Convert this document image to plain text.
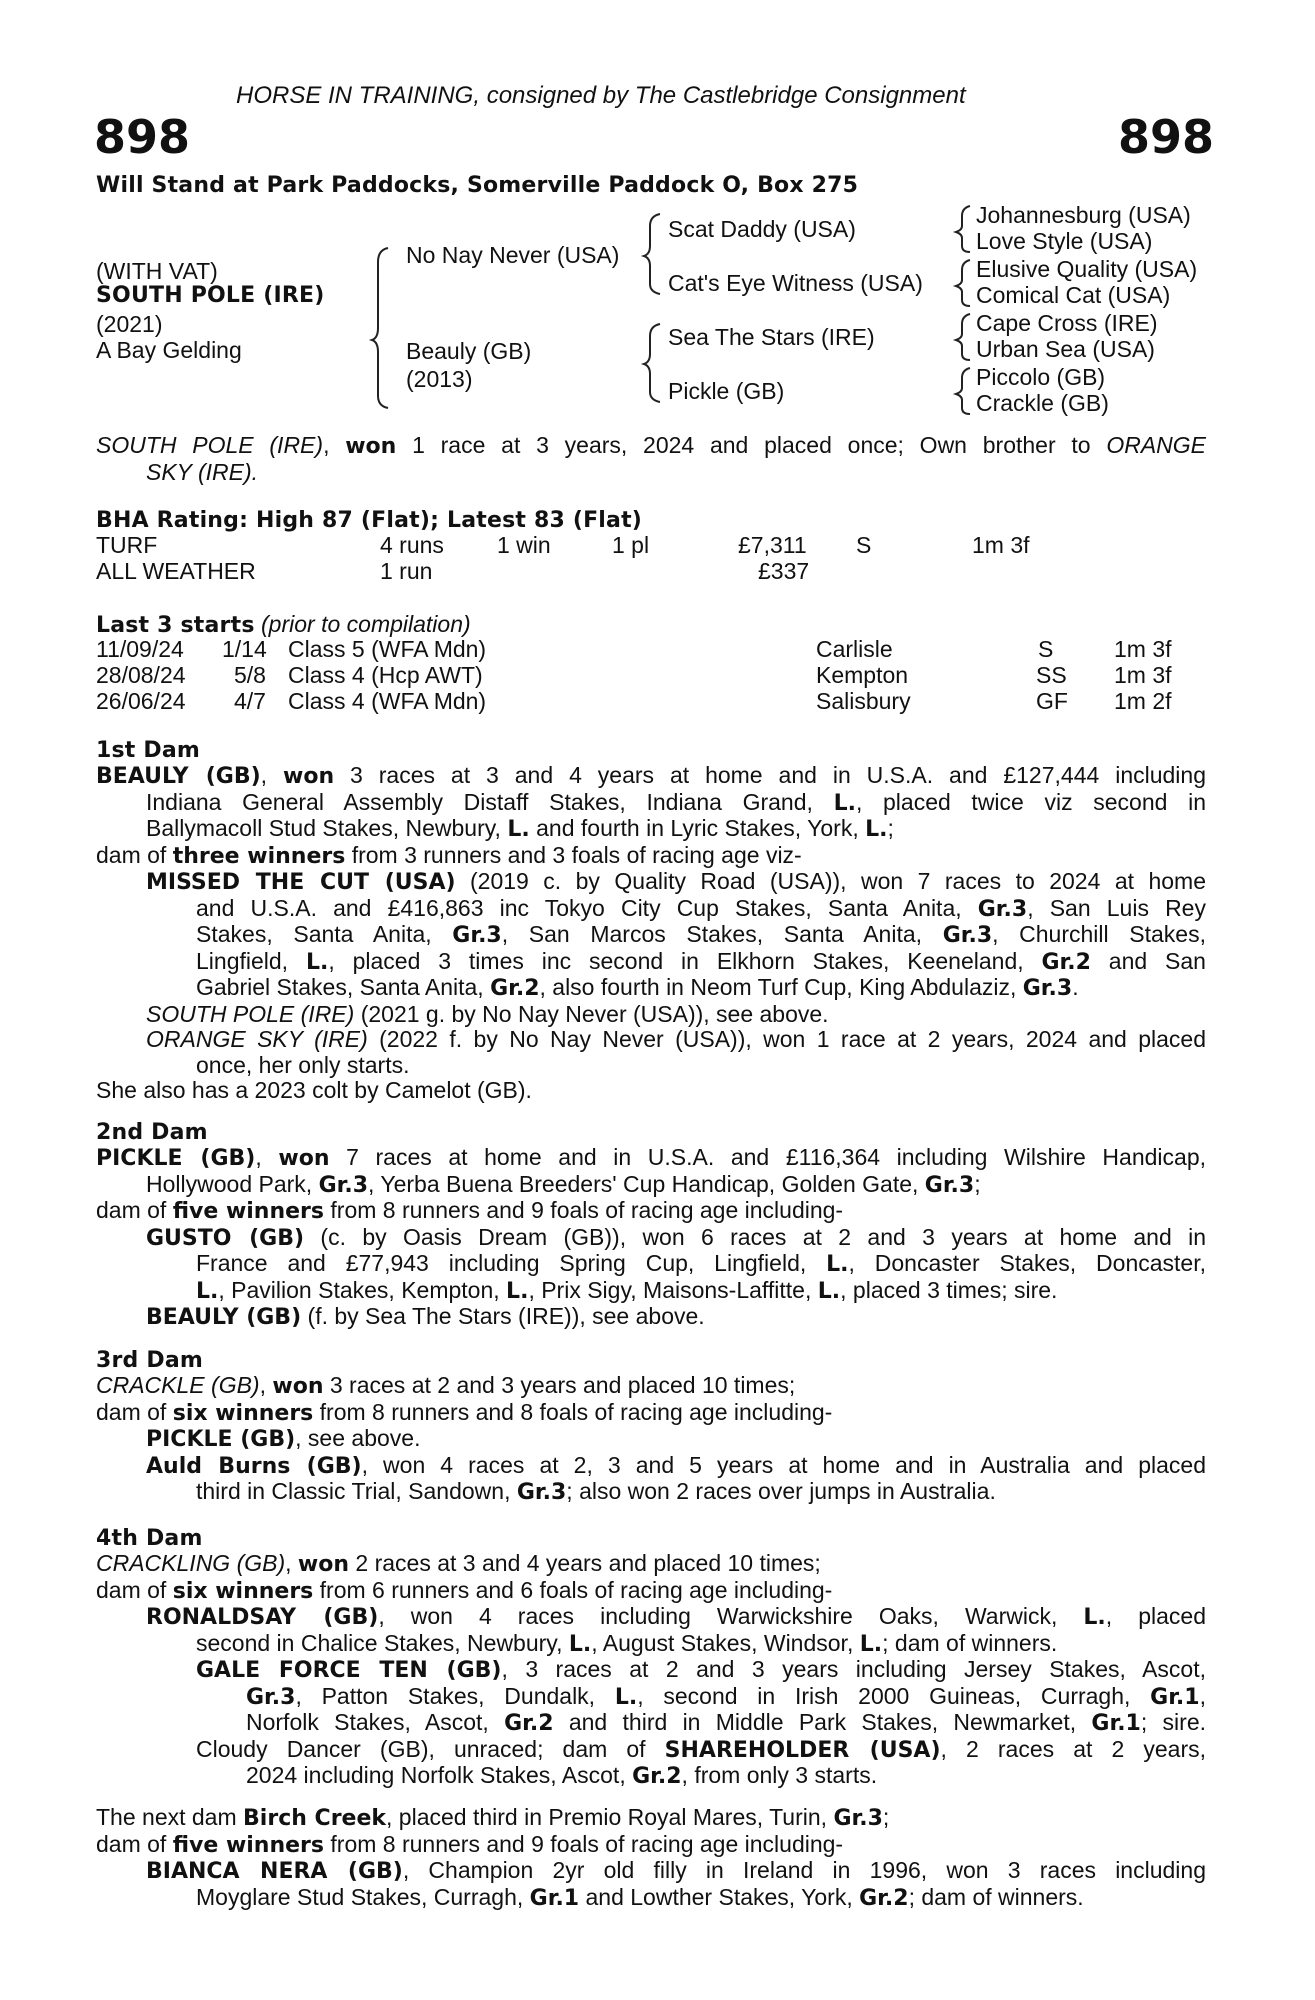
HORSE IN TRAINING, consigned by The Castlebridge Consignment
898	898
Will Stand at Park Paddocks, Somerville Paddock O, Box 275
(WITH VAT)
SOUTH POLE (IRE)
(2021)
A Bay Gelding
No Nay Never (USA)
Beauly (GB)
(2013)
Scat Daddy (USA)
Cat's Eye Witness (USA)
Sea The Stars (IRE)
Pickle (GB)
Johannesburg (USA)
Love Style (USA)
Elusive Quality (USA)
Comical Cat (USA)
Cape Cross (IRE)
Urban Sea (USA)
Piccolo (GB)
Crackle (GB)
SOUTH POLE (IRE), won 1 race at 3 years, 2024 and placed once; Own brother to ORANGE
SKY (IRE).
BHA Rating: High 87 (Flat); Latest 83 (Flat)
TURF	4 runs 1 win	1 pl	£7,311 S	1m 3f
ALL WEATHER	1 run	£337
Last 3 starts (prior to compilation)
11/09/24 1/14 Class 5 (WFA Mdn)	Carlisle	S	1m 3f
28/08/24 5/8 Class 4 (Hcp AWT)	Kempton	SS 1m 3f
26/06/24 4/7 Class 4 (WFA Mdn)	Salisbury	GF 1m 2f
1st Dam
BEAULY (GB), won 3 races at 3 and 4 years at home and in U.S.A. and £127,444 including
Indiana General Assembly Distaff Stakes, Indiana Grand, L., placed twice viz second in
Ballymacoll Stud Stakes, Newbury, L. and fourth in Lyric Stakes, York, L.;
dam of three winners from 3 runners and 3 foals of racing age viz-
MISSED THE CUT (USA) (2019 c. by Quality Road (USA)), won 7 races to 2024 at home
and U.S.A. and £416,863 inc Tokyo City Cup Stakes, Santa Anita, Gr.3, San Luis Rey
Stakes, Santa Anita, Gr.3, San Marcos Stakes, Santa Anita, Gr.3, Churchill Stakes,
Lingfield, L., placed 3 times inc second in Elkhorn Stakes, Keeneland, Gr.2 and San
Gabriel Stakes, Santa Anita, Gr.2, also fourth in Neom Turf Cup, King Abdulaziz, Gr.3.
SOUTH POLE (IRE) (2021 g. by No Nay Never (USA)), see above.
ORANGE SKY (IRE) (2022 f. by No Nay Never (USA)), won 1 race at 2 years, 2024 and placed
once, her only starts.
She also has a 2023 colt by Camelot (GB).
2nd Dam
PICKLE (GB), won 7 races at home and in U.S.A. and £116,364 including Wilshire Handicap,
Hollywood Park, Gr.3, Yerba Buena Breeders' Cup Handicap, Golden Gate, Gr.3;
dam of five winners from 8 runners and 9 foals of racing age including-
GUSTO (GB) (c. by Oasis Dream (GB)), won 6 races at 2 and 3 years at home and in
France and £77,943 including Spring Cup, Lingfield, L., Doncaster Stakes, Doncaster,
L., Pavilion Stakes, Kempton, L., Prix Sigy, Maisons-Laffitte, L., placed 3 times; sire.
BEAULY (GB) (f. by Sea The Stars (IRE)), see above.
3rd Dam
CRACKLE (GB), won 3 races at 2 and 3 years and placed 10 times;
dam of six winners from 8 runners and 8 foals of racing age including-
PICKLE (GB), see above.
Auld Burns (GB), won 4 races at 2, 3 and 5 years at home and in Australia and placed
third in Classic Trial, Sandown, Gr.3; also won 2 races over jumps in Australia.
4th Dam
CRACKLING (GB), won 2 races at 3 and 4 years and placed 10 times;
dam of six winners from 6 runners and 6 foals of racing age including-
RONALDSAY (GB), won 4 races including Warwickshire Oaks, Warwick, L., placed
second in Chalice Stakes, Newbury, L., August Stakes, Windsor, L.; dam of winners.
GALE FORCE TEN (GB), 3 races at 2 and 3 years including Jersey Stakes, Ascot,
Gr.3, Patton Stakes, Dundalk, L., second in Irish 2000 Guineas, Curragh, Gr.1,
Norfolk Stakes, Ascot, Gr.2 and third in Middle Park Stakes, Newmarket, Gr.1; sire.
Cloudy Dancer (GB), unraced; dam of SHAREHOLDER (USA), 2 races at 2 years,
2024 including Norfolk Stakes, Ascot, Gr.2, from only 3 starts.
The next dam Birch Creek, placed third in Premio Royal Mares, Turin, Gr.3;
dam of five winners from 8 runners and 9 foals of racing age including-
BIANCA NERA (GB), Champion 2yr old filly in Ireland in 1996, won 3 races including
Moyglare Stud Stakes, Curragh, Gr.1 and Lowther Stakes, York, Gr.2; dam of winners.
